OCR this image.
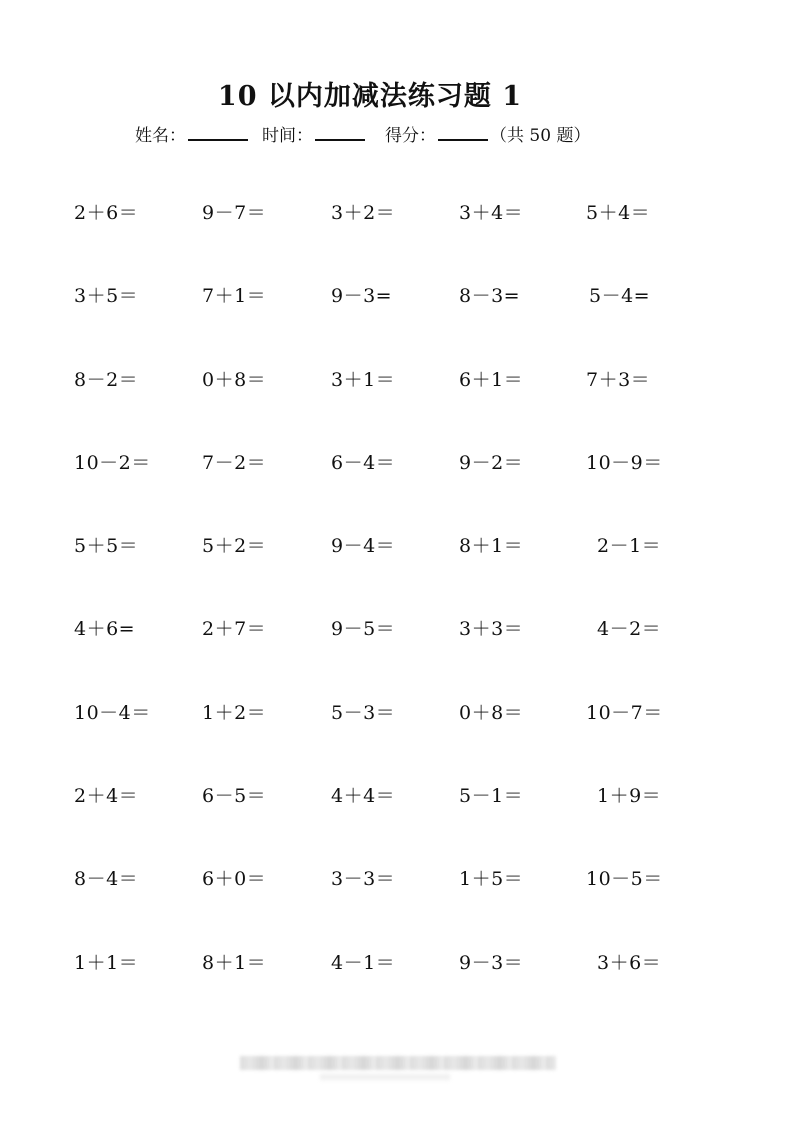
10 以内加减法练习题 1
姓名：	时间：	得分：	（共 50 题）
2＋6＝	9－7＝	3＋2＝	3＋4＝	5＋4＝
3＋5＝	7＋1＝	9－3=	8－3=	5－4=
8－2＝	0＋8＝	3＋1＝	6＋1＝	7＋3＝
10－2＝	7－2＝	6－4＝	9－2＝	10－9＝
5＋5＝	5＋2＝	9－4＝	8＋1＝	2－1＝
4＋6=	2＋7＝	9－5＝	3＋3＝	4－2＝
10－4＝	1＋2＝	5－3＝	0＋8＝	10－7＝
2＋4＝	6－5＝	4＋4＝	5－1＝	1＋9＝
8－4＝	6＋0＝	3－3＝	1＋5＝	10－5＝
1＋1＝	8＋1＝	4－1＝	9－3＝	3＋6＝
